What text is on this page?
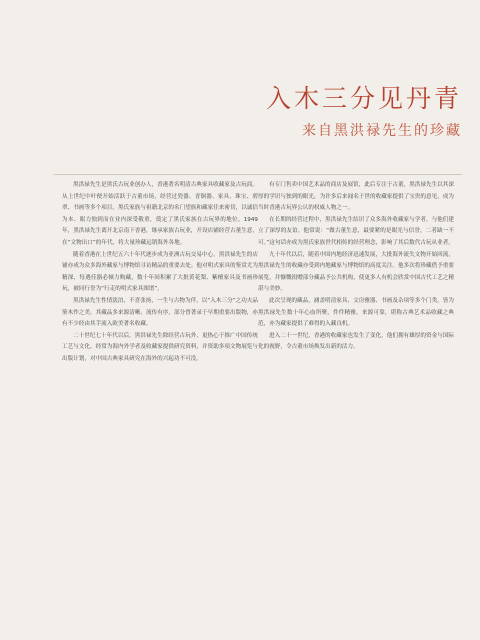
入木三分见丹青
来自黑洪禄先生的珍藏

黑洪禄先生是黑氏古玩业创办人，香港著名明清古典家具收藏家及古玩商。从上世纪中叶便开始活跃于古董市场，经营过瓷器、青铜器、家具、珠宝、碧翠、书画等多个项目。黑氏家族与祖籍北京的名门望族和藏家往来密切，以诚信为本、眼力独到而在业内深受敬重，奠定了黑氏家族在古玩界的地位。1949年，黑洪禄先生离开北京南下香港，继承家族古玩业，开设店铺经营古董生意，在“文物出口”的年代，将大量珍藏远销海外各地。

随着香港在上世纪五六十年代逐步成为亚洲古玩交易中心，黑洪禄先生的店铺亦成为众多海外藏家与博物馆寻访精品的重要去处。他对明式家具的鉴赏尤为精深，每遇佳器必倾力购藏，数十年间积累了大批黄花梨、紫檀家具及书画珍玩，被同行誉为“行走的明式家具图谱”。

黑洪禄先生性情淡泊，不喜张扬，一生与古物为伴，以“入木三分”之功夫品鉴木作之美。其藏品多来源清晰、流传有序，部分曾著录于早期重要出版物，亦有不少经由其手流入欧美著名收藏。

二十世纪七十年代以后，黑洪禄先生除经营古玩外，更热心于推广中国传统工艺与文化，经常为海内外学者及收藏家提供研究资料，并资助多项文物展览与出版计划，对中国古典家具研究在海外的兴起功不可没。

有专门售卖中国艺术品的商店及展馆，此后专注于古董，黑洪禄先生以其深厚的学识与独到的眼光，为许多后来闻名于世的收藏家提供了宝贵的意见，成为当时香港古玩界公认的权威人物之一。

在长期的经营过程中，黑洪禄先生结识了众多海外收藏家与学者，与他们建立了深厚的友谊。他常说：“做古董生意，最要紧的是眼光与信誉，二者缺一不可。”这句话亦成为黑氏家族世代相传的经营理念，影响了其后数代古玩从业者。

九十年代以后，随着中国内地经济迅速发展，大批海外流失文物开始回流，黑洪禄先生的收藏亦受到内地藏家与博物馆的高度关注。他多次将珍藏借予重要展览，并慷慨捐赠部分藏品予公共机构，使更多人有机会欣赏中国古代工艺之精湛与美妙。

此次呈现的藏品，涵盖明清家具、文房雅器、书画及杂项等多个门类，皆为黑洪禄先生数十年心血所聚，件件精雅，来源可靠，堪称古典艺术品收藏之典范，亦为藏家提供了难得的入藏良机。

进入二十一世纪，香港的收藏家也发生了变化，他们拥有雄厚的资金与国际化的视野，令古董市场焕发出新的活力。
